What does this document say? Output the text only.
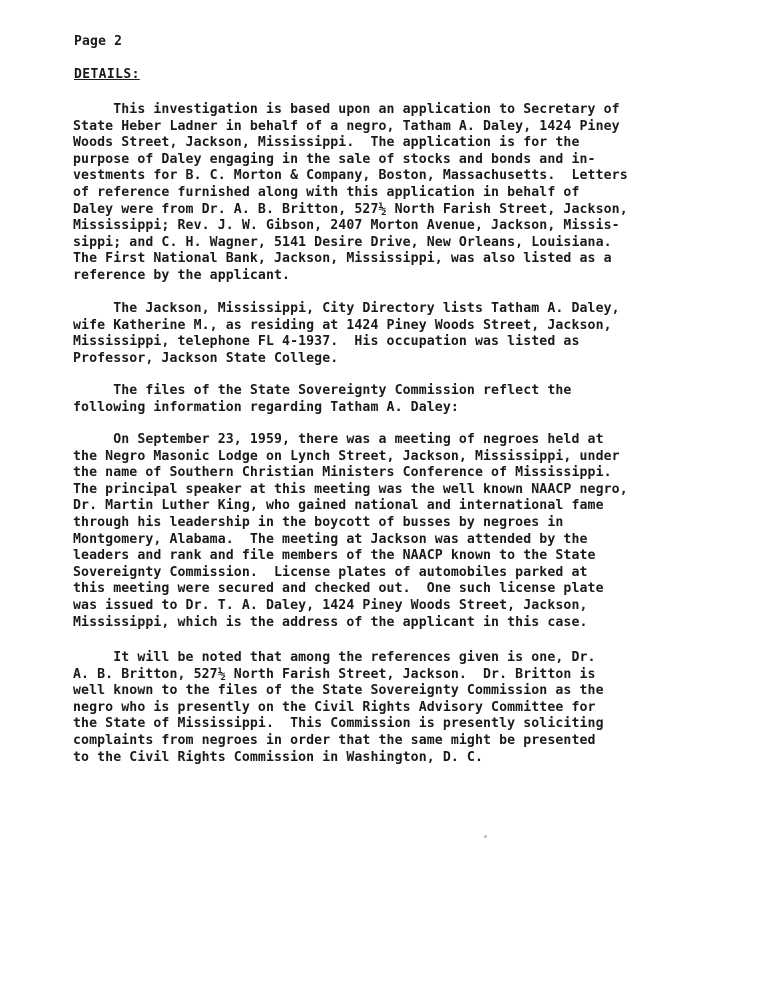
Page 2
DETAILS:
This investigation is based upon an application to Secretary of
State Heber Ladner in behalf of a negro, Tatham A. Daley, 1424 Piney
Woods Street, Jackson, Mississippi.  The application is for the
purpose of Daley engaging in the sale of stocks and bonds and in-
vestments for B. C. Morton & Company, Boston, Massachusetts.  Letters
of reference furnished along with this application in behalf of
Daley were from Dr. A. B. Britton, 527½ North Farish Street, Jackson,
Mississippi; Rev. J. W. Gibson, 2407 Morton Avenue, Jackson, Missis-
sippi; and C. H. Wagner, 5141 Desire Drive, New Orleans, Louisiana.
The First National Bank, Jackson, Mississippi, was also listed as a
reference by the applicant.
The Jackson, Mississippi, City Directory lists Tatham A. Daley,
wife Katherine M., as residing at 1424 Piney Woods Street, Jackson,
Mississippi, telephone FL 4-1937.  His occupation was listed as
Professor, Jackson State College.
The files of the State Sovereignty Commission reflect the
following information regarding Tatham A. Daley:
On September 23, 1959, there was a meeting of negroes held at
the Negro Masonic Lodge on Lynch Street, Jackson, Mississippi, under
the name of Southern Christian Ministers Conference of Mississippi.
The principal speaker at this meeting was the well known NAACP negro,
Dr. Martin Luther King, who gained national and international fame
through his leadership in the boycott of busses by negroes in
Montgomery, Alabama.  The meeting at Jackson was attended by the
leaders and rank and file members of the NAACP known to the State
Sovereignty Commission.  License plates of automobiles parked at
this meeting were secured and checked out.  One such license plate
was issued to Dr. T. A. Daley, 1424 Piney Woods Street, Jackson,
Mississippi, which is the address of the applicant in this case.
It will be noted that among the references given is one, Dr.
A. B. Britton, 527½ North Farish Street, Jackson.  Dr. Britton is
well known to the files of the State Sovereignty Commission as the
negro who is presently on the Civil Rights Advisory Committee for
the State of Mississippi.  This Commission is presently soliciting
complaints from negroes in order that the same might be presented
to the Civil Rights Commission in Washington, D. C.
